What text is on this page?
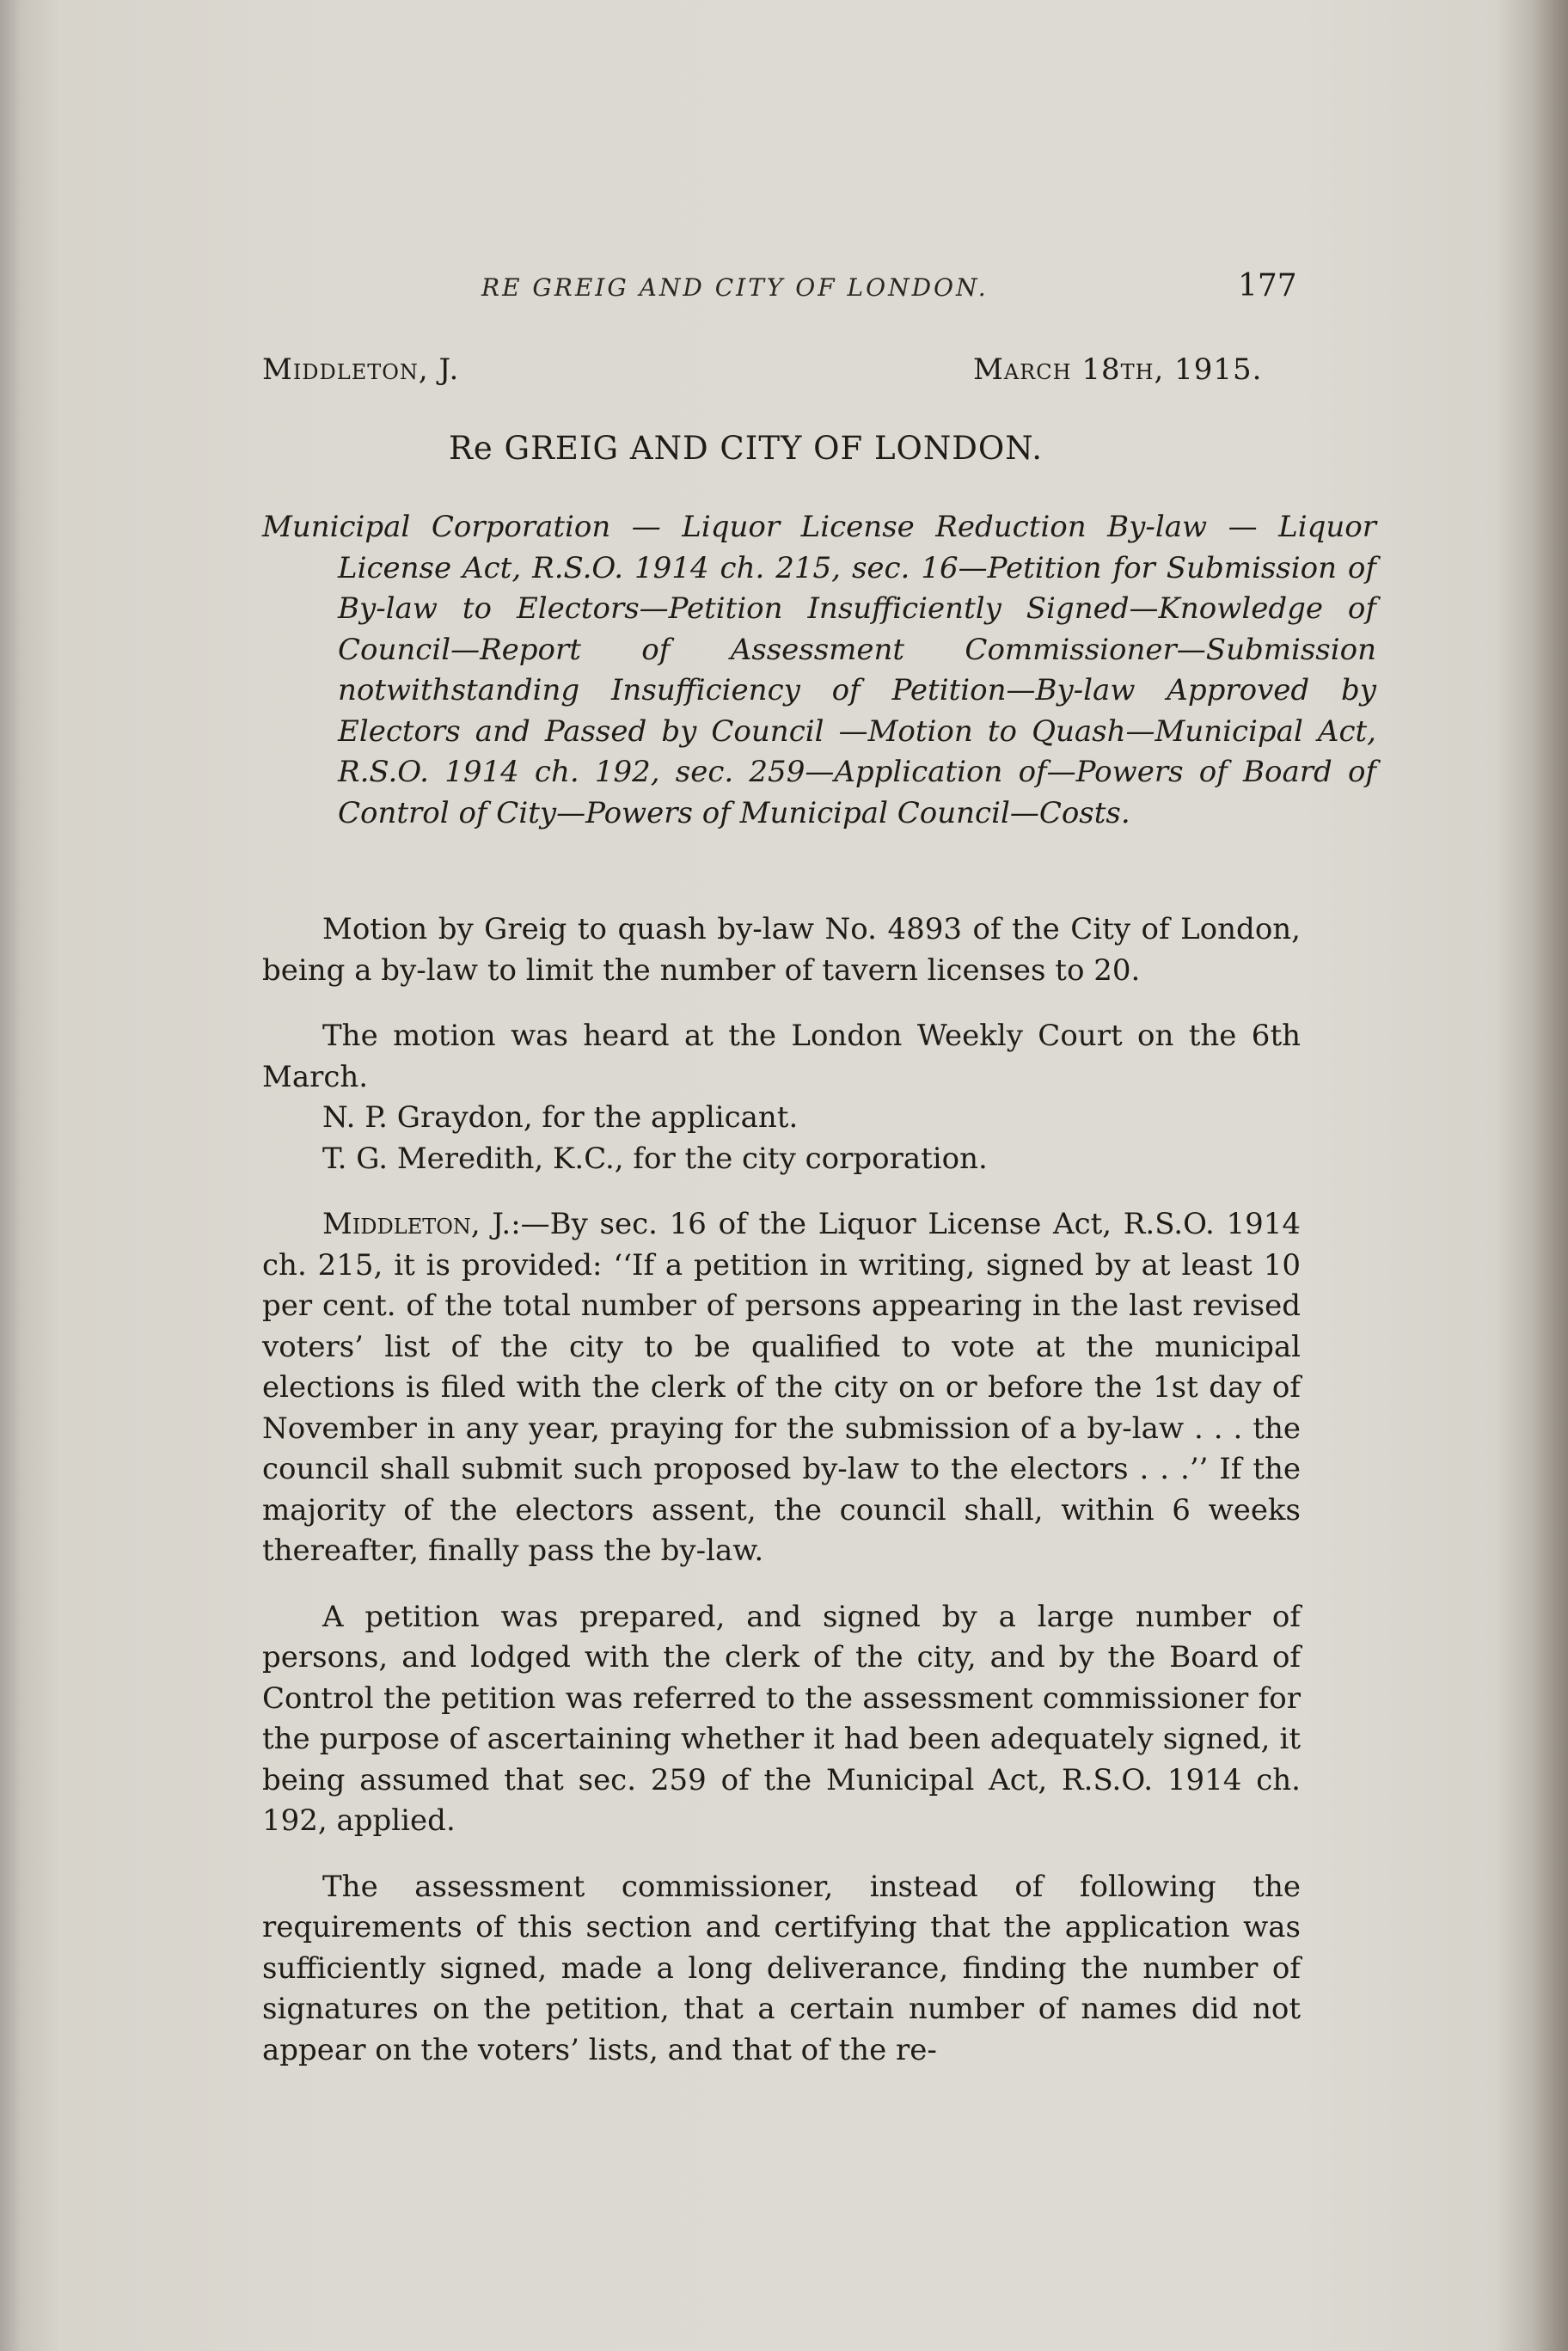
RE GREIG AND CITY OF LONDON.	177
Middleton, J.	March 18th, 1915.
Re GREIG AND CITY OF LONDON.
Municipal Corporation — Liquor License Reduction By-law — Liquor License Act, R.S.O. 1914 ch. 215, sec. 16—Petition for Submission of By-law to Electors—Petition Insufficiently Signed—Knowledge of Council—Report of Assessment Commissioner—Submission notwithstanding Insufficiency of Petition—By-law Approved by Electors and Passed by Council —Motion to Quash—Municipal Act, R.S.O. 1914 ch. 192, sec. 259—Application of—Powers of Board of Control of City—Powers of Municipal Council—Costs.

Motion by Greig to quash by-law No. 4893 of the City of London, being a by-law to limit the number of tavern licenses to 20.

The motion was heard at the London Weekly Court on the 6th March.

N. P. Graydon, for the applicant.

T. G. Meredith, K.C., for the city corporation.

Middleton, J.:—By sec. 16 of the Liquor License Act, R.S.O. 1914 ch. 215, it is provided: ‘‘If a petition in writing, signed by at least 10 per cent. of the total number of persons appearing in the last revised voters’ list of the city to be qualified to vote at the municipal elections is filed with the clerk of the city on or before the 1st day of November in any year, praying for the submission of a by-law . . . the council shall submit such proposed by-law to the electors . . .’’ If the majority of the electors assent, the council shall, within 6 weeks thereafter, finally pass the by-law.

A petition was prepared, and signed by a large number of persons, and lodged with the clerk of the city, and by the Board of Control the petition was referred to the assessment commissioner for the purpose of ascertaining whether it had been adequately signed, it being assumed that sec. 259 of the Municipal Act, R.S.O. 1914 ch. 192, applied.

The assessment commissioner, instead of following the requirements of this section and certifying that the application was sufficiently signed, made a long deliverance, finding the number of signatures on the petition, that a certain number of names did not appear on the voters’ lists, and that of the re-
